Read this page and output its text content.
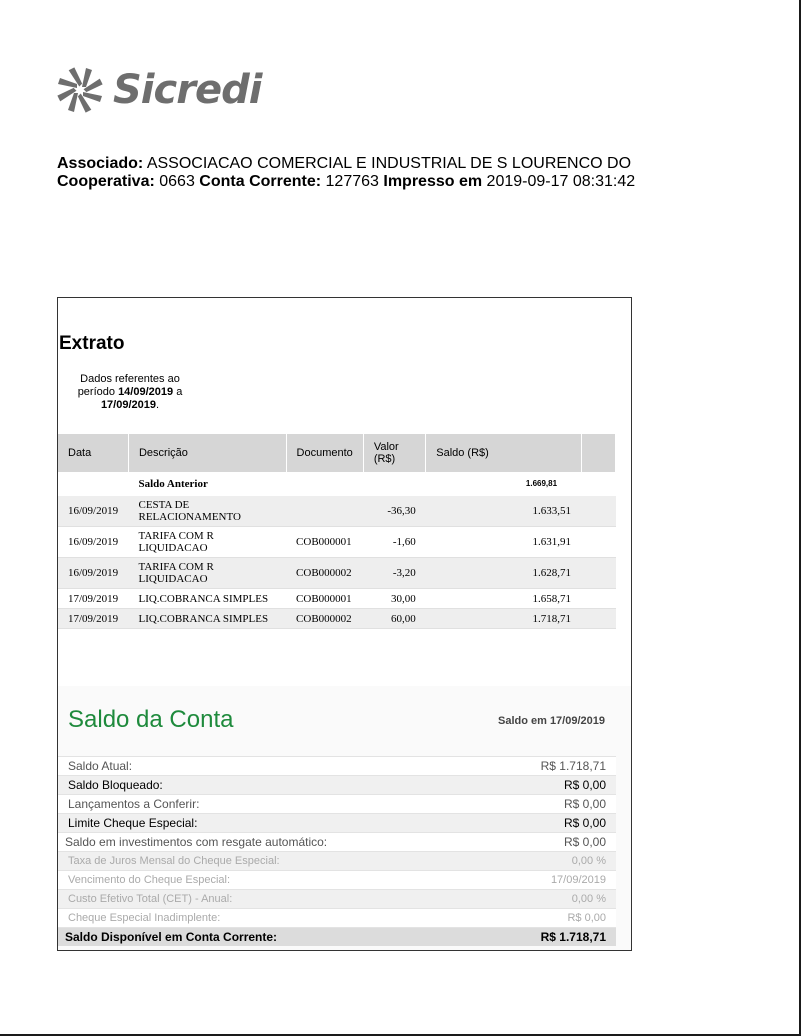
Sicredi
Associado: ASSOCIACAO COMERCIAL E INDUSTRIAL DE S LOURENCO DO
Cooperativa: 0663 Conta Corrente: 127763 Impresso em 2019-09-17 08:31:42
Extrato
Dados referentes ao período 14/09/2019 a 17/09/2019.
Data	Descrição	Documento	Valor (R$)	Saldo (R$)	
	Saldo Anterior			1.669,81	
16/09/2019	CESTA DE RELACIONAMENTO		-36,30	1.633,51	
16/09/2019	TARIFA COM R LIQUIDACAO	COB000001	-1,60	1.631,91	
16/09/2019	TARIFA COM R LIQUIDACAO	COB000002	-3,20	1.628,71	
17/09/2019	LIQ.COBRANCA SIMPLES	COB000001	30,00	1.658,71	
17/09/2019	LIQ.COBRANCA SIMPLES	COB000002	60,00	1.718,71	
Saldo da Conta	Saldo em 17/09/2019
Saldo Atual:	R$ 1.718,71
Saldo Bloqueado:	R$ 0,00
Lançamentos a Conferir:	R$ 0,00
Limite Cheque Especial:	R$ 0,00
Saldo em investimentos com resgate automático:	R$ 0,00
Taxa de Juros Mensal do Cheque Especial:	0,00 %
Vencimento do Cheque Especial:	17/09/2019
Custo Efetivo Total (CET) - Anual:	0,00 %
Cheque Especial Inadimplente:	R$ 0,00
Saldo Disponível em Conta Corrente:	R$ 1.718,71
